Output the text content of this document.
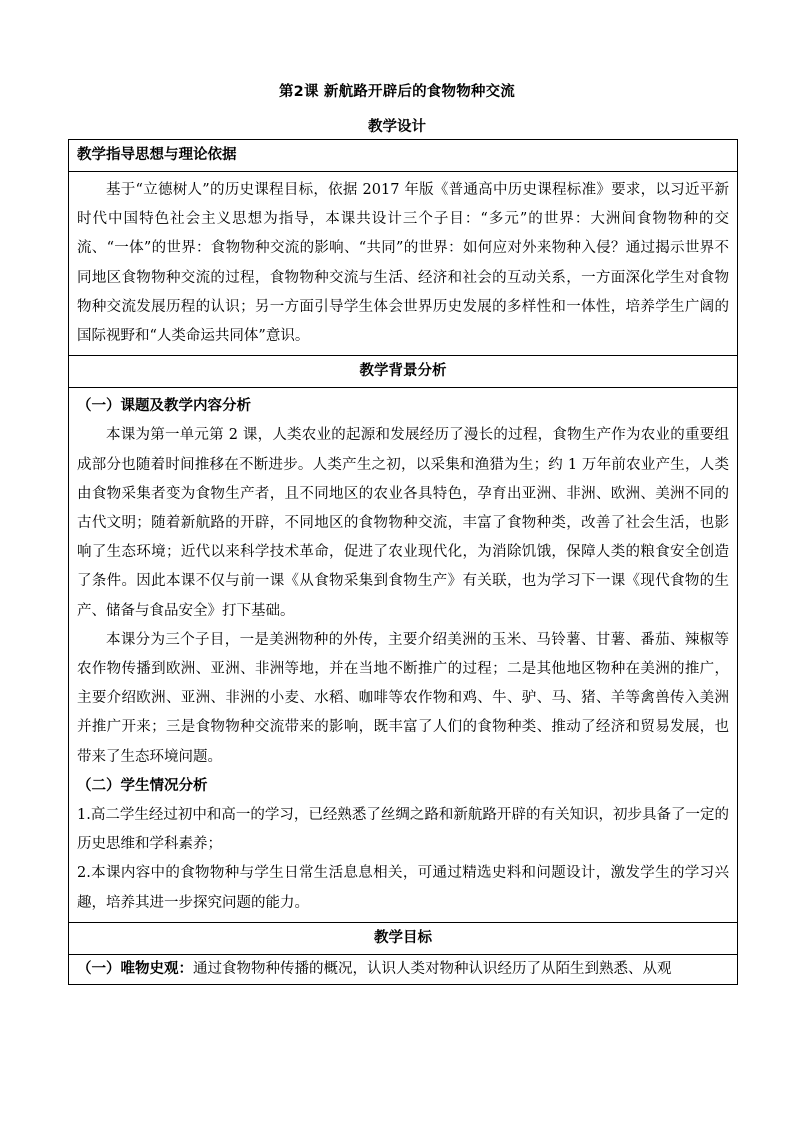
第2课 新航路开辟后的食物物种交流
教学设计
教学指导思想与理论依据

基于“立德树人”的历史课程目标，依据 2017 年版《普通高中历史课程标准》要求，以习近平新时代中国特色社会主义思想为指导，本课共设计三个子目：“多元”的世界：大洲间食物物种的交流、“一体”的世界：食物物种交流的影响、“共同”的世界：如何应对外来物种入侵？通过揭示世界不同地区食物物种交流的过程，食物物种交流与生活、经济和社会的互动关系，一方面深化学生对食物物种交流发展历程的认识；另一方面引导学生体会世界历史发展的多样性和一体性，培养学生广阔的国际视野和“人类命运共同体”意识。

教学背景分析

（一）课题及教学内容分析

本课为第一单元第 2 课，人类农业的起源和发展经历了漫长的过程，食物生产作为农业的重要组成部分也随着时间推移在不断进步。人类产生之初，以采集和渔猎为生；约 1 万年前农业产生，人类由食物采集者变为食物生产者，且不同地区的农业各具特色，孕育出亚洲、非洲、欧洲、美洲不同的古代文明；随着新航路的开辟，不同地区的食物物种交流，丰富了食物种类，改善了社会生活，也影响了生态环境；近代以来科学技术革命，促进了农业现代化，为消除饥饿，保障人类的粮食安全创造了条件。因此本课不仅与前一课《从食物采集到食物生产》有关联，也为学习下一课《现代食物的生产、储备与食品安全》打下基础。

本课分为三个子目，一是美洲物种的外传，主要介绍美洲的玉米、马铃薯、甘薯、番茄、辣椒等农作物传播到欧洲、亚洲、非洲等地，并在当地不断推广的过程；二是其他地区物种在美洲的推广，主要介绍欧洲、亚洲、非洲的小麦、水稻、咖啡等农作物和鸡、牛、驴、马、猪、羊等禽兽传入美洲并推广开来；三是食物物种交流带来的影响，既丰富了人们的食物种类、推动了经济和贸易发展，也带来了生态环境问题。

（二）学生情况分析

1.高二学生经过初中和高一的学习，已经熟悉了丝绸之路和新航路开辟的有关知识，初步具备了一定的历史思维和学科素养；

2.本课内容中的食物物种与学生日常生活息息相关，可通过精选史料和问题设计，激发学生的学习兴趣，培养其进一步探究问题的能力。

教学目标

（一）唯物史观：通过食物物种传播的概况，认识人类对物种认识经历了从陌生到熟悉、从观
